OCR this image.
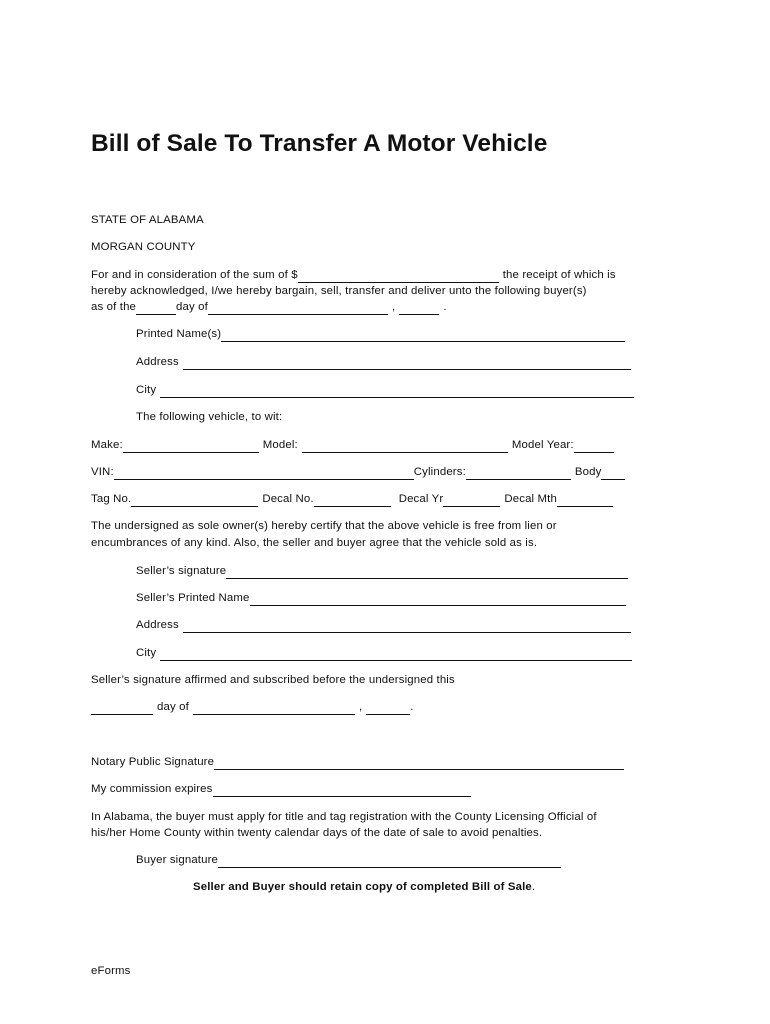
Bill of Sale To Transfer A Motor Vehicle
STATE OF ALABAMA
MORGAN COUNTY
For and in consideration of the sum of $	the receipt of which is
hereby acknowledged, I/we hereby bargain, sell, transfer and deliver unto the following buyer(s)
as of the	day of	,	.
Printed Name(s)
Address
City
The following vehicle, to wit:
Make:	Model:	Model Year:
VIN:	Cylinders:	Body
Tag No.	Decal No.	Decal Yr	Decal Mth
The undersigned as sole owner(s) hereby certify that the above vehicle is free from lien or
encumbrances of any kind. Also, the seller and buyer agree that the vehicle sold as is.
Seller’s signature
Seller’s Printed Name
Address
City
Seller’s signature affirmed and subscribed before the undersigned this
day of	,	.
Notary Public Signature
My commission expires
In Alabama, the buyer must apply for title and tag registration with the County Licensing Official of
his/her Home County within twenty calendar days of the date of sale to avoid penalties.
Buyer signature
Seller and Buyer should retain copy of completed Bill of Sale.
eForms
